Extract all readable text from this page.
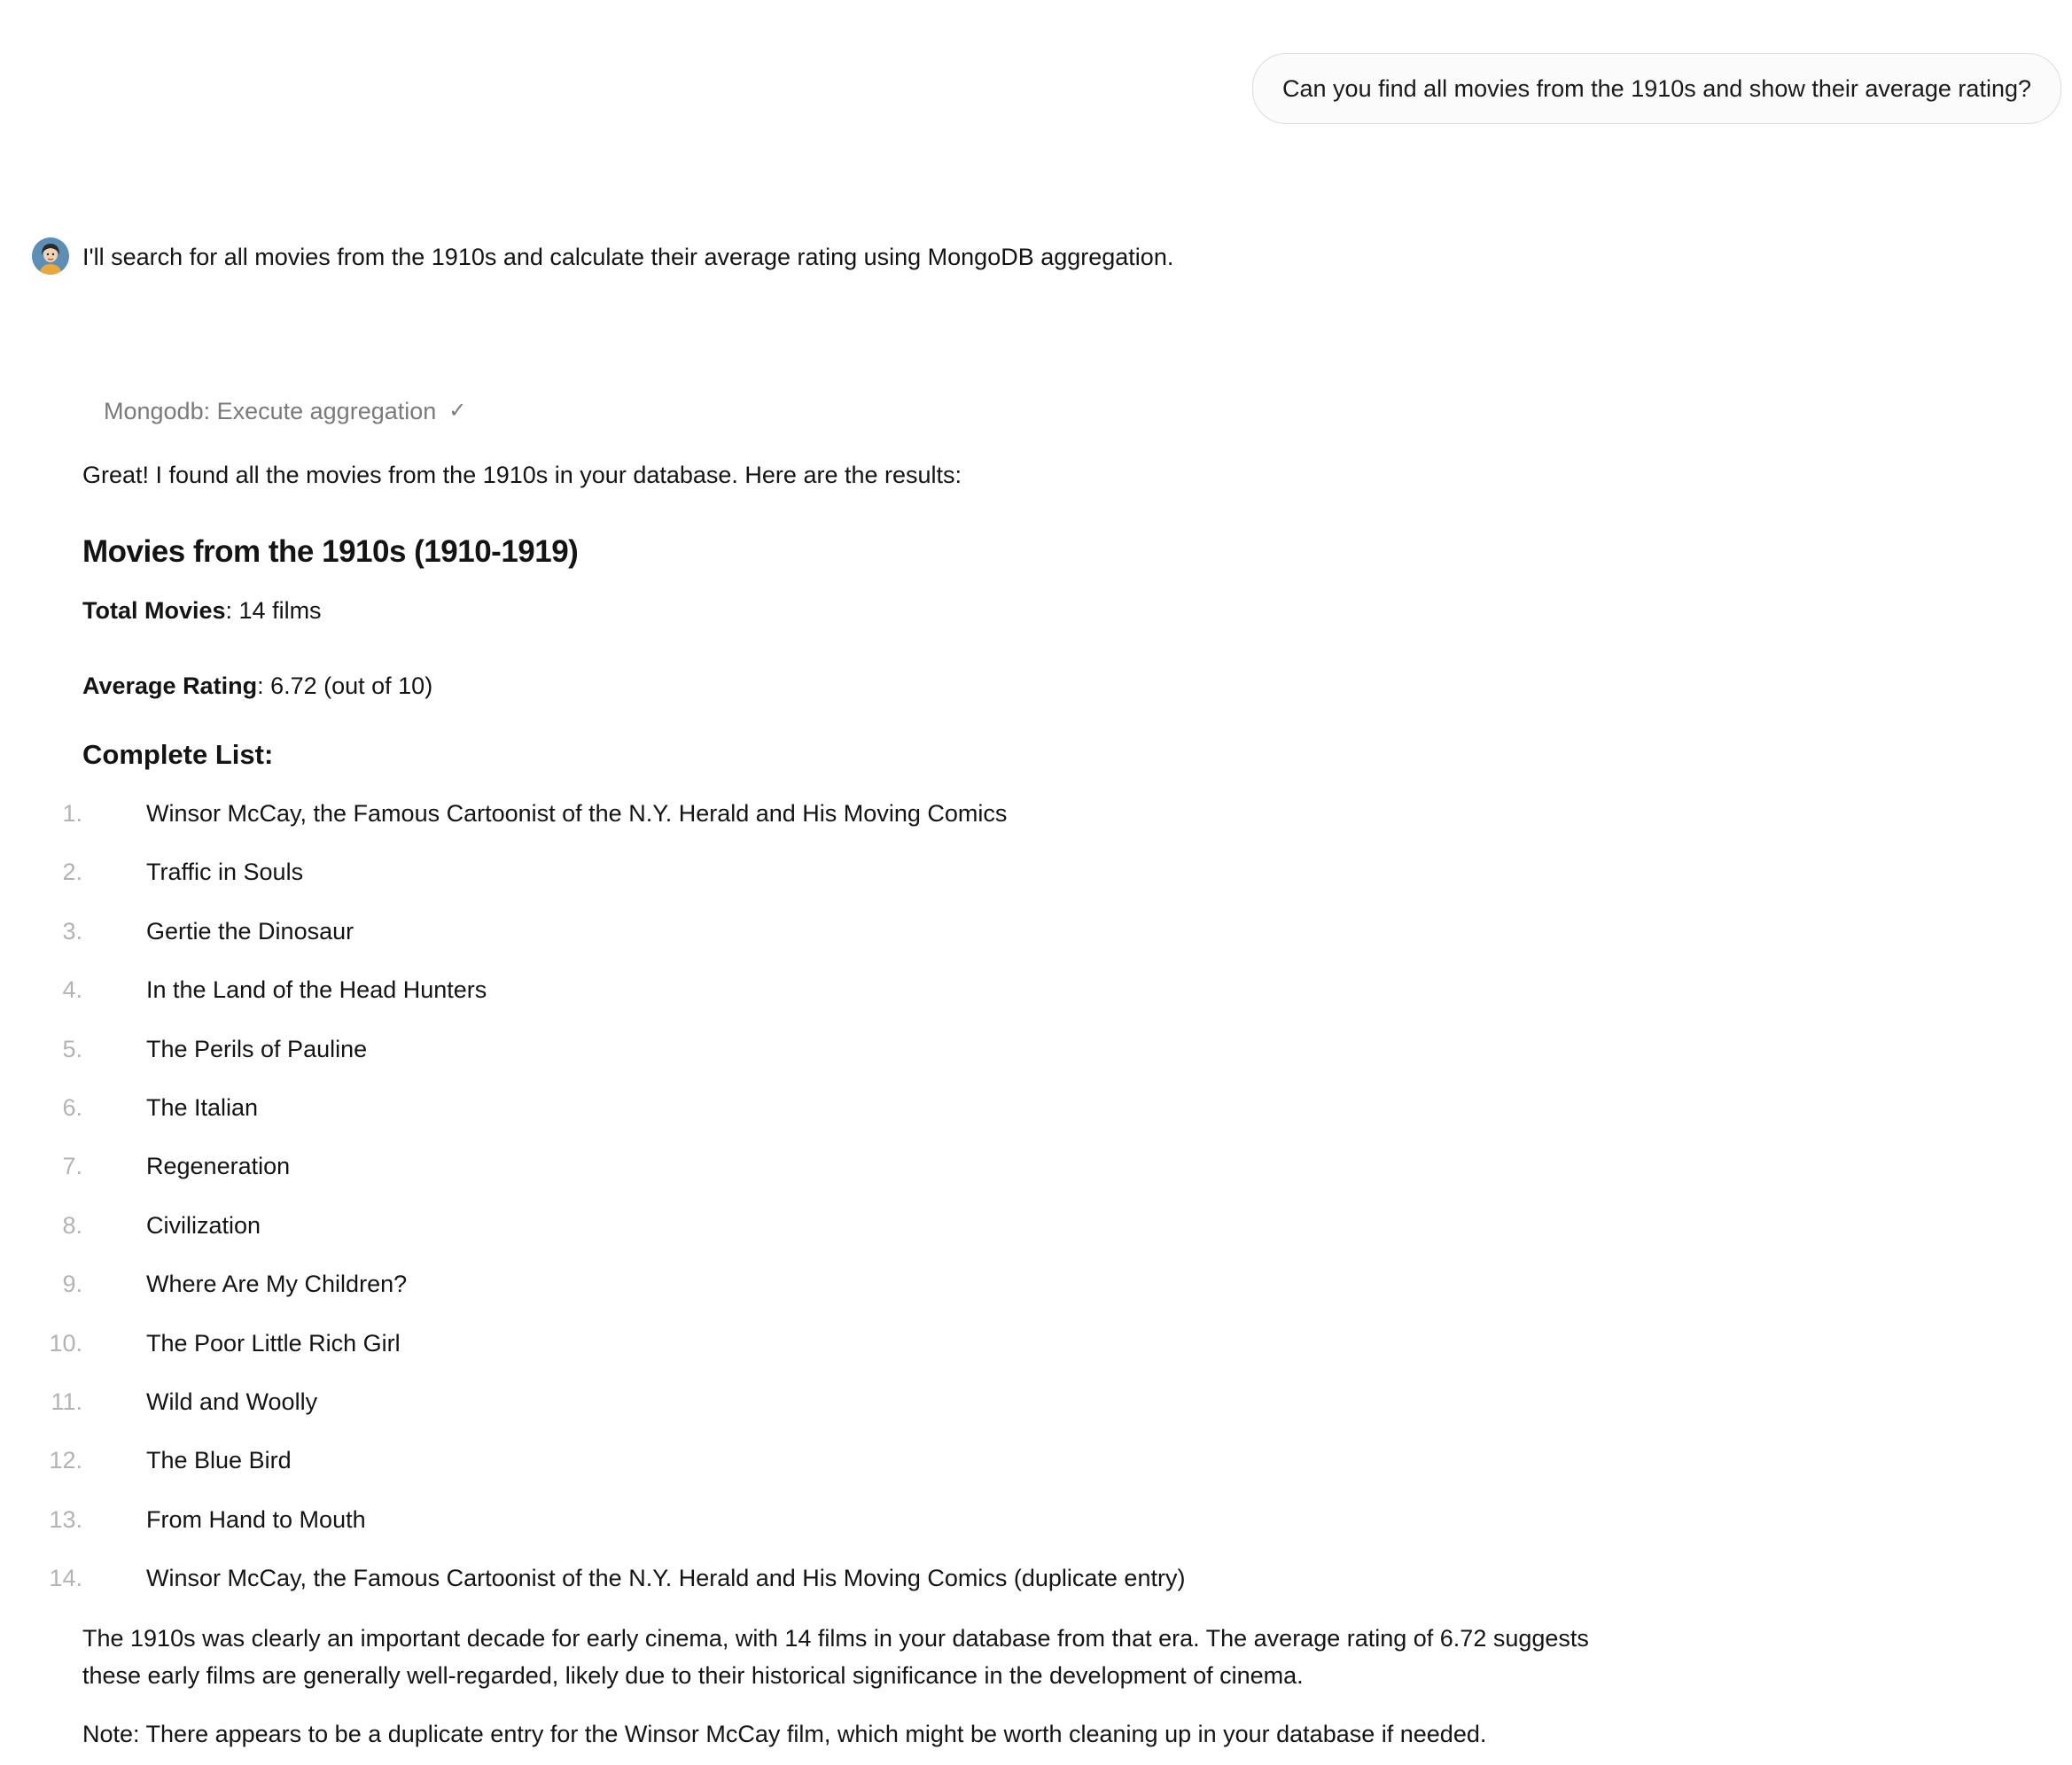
Can you find all movies from the 1910s and show their average rating?
I'll search for all movies from the 1910s and calculate their average rating using MongoDB aggregation.
Mongodb: Execute aggregation ✓
Great! I found all the movies from the 1910s in your database. Here are the results:
Movies from the 1910s (1910-1919)
Total Movies: 14 films
Average Rating: 6.72 (out of 10)
Complete List:
1.	Winsor McCay, the Famous Cartoonist of the N.Y. Herald and His Moving Comics
2.	Traffic in Souls
3.	Gertie the Dinosaur
4.	In the Land of the Head Hunters
5.	The Perils of Pauline
6.	The Italian
7.	Regeneration
8.	Civilization
9.	Where Are My Children?
10.	The Poor Little Rich Girl
11.	Wild and Woolly
12.	The Blue Bird
13.	From Hand to Mouth
14.	Winsor McCay, the Famous Cartoonist of the N.Y. Herald and His Moving Comics (duplicate entry)
The 1910s was clearly an important decade for early cinema, with 14 films in your database from that era. The average rating of 6.72 suggests these early films are generally well-regarded, likely due to their historical significance in the development of cinema.
Note: There appears to be a duplicate entry for the Winsor McCay film, which might be worth cleaning up in your database if needed.
